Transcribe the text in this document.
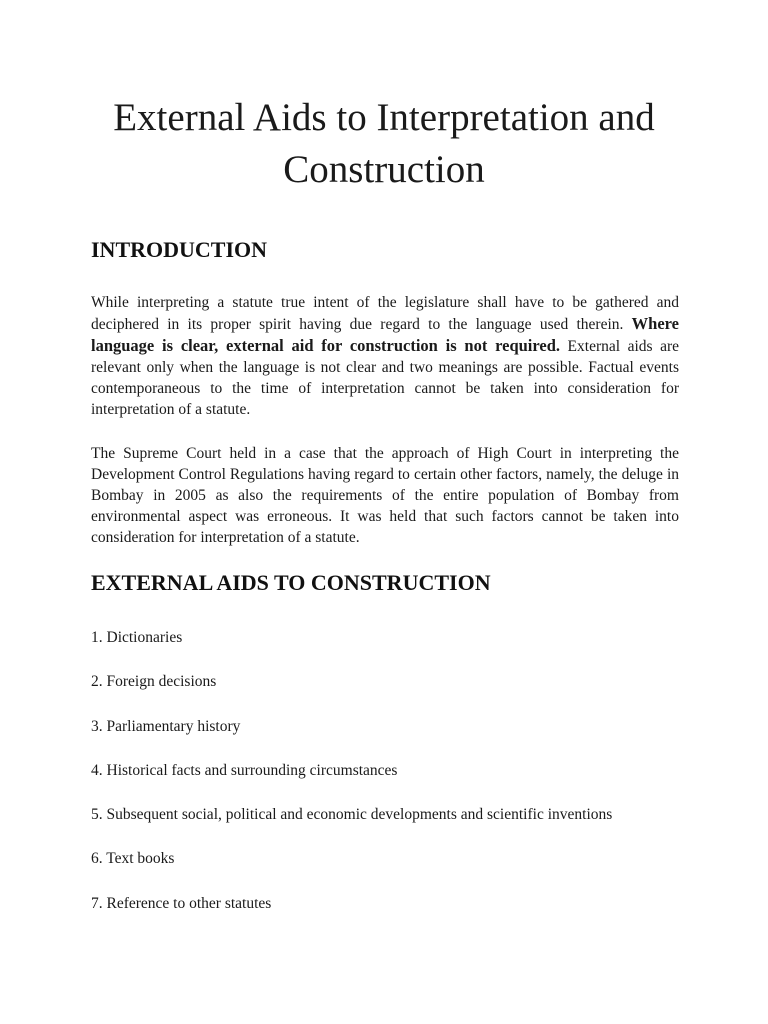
External Aids to Interpretation and
Construction
INTRODUCTION

While interpreting a statute true intent of the legislature shall have to be gathered and deciphered in its proper spirit having due regard to the language used therein. Where language is clear, external aid for construction is not required. External aids are relevant only when the language is not clear and two meanings are possible. Factual events contemporaneous to the time of interpretation cannot be taken into consideration for interpretation of a statute.

The Supreme Court held in a case that the approach of High Court in interpreting the Development Control Regulations having regard to certain other factors, namely, the deluge in Bombay in 2005 as also the requirements of the entire population of Bombay from environmental aspect was erroneous. It was held that such factors cannot be taken into consideration for interpretation of a statute.

EXTERNAL AIDS TO CONSTRUCTION
1. Dictionaries
2. Foreign decisions
3. Parliamentary history
4. Historical facts and surrounding circumstances
5. Subsequent social, political and economic developments and scientific inventions
6. Text books
7. Reference to other statutes
